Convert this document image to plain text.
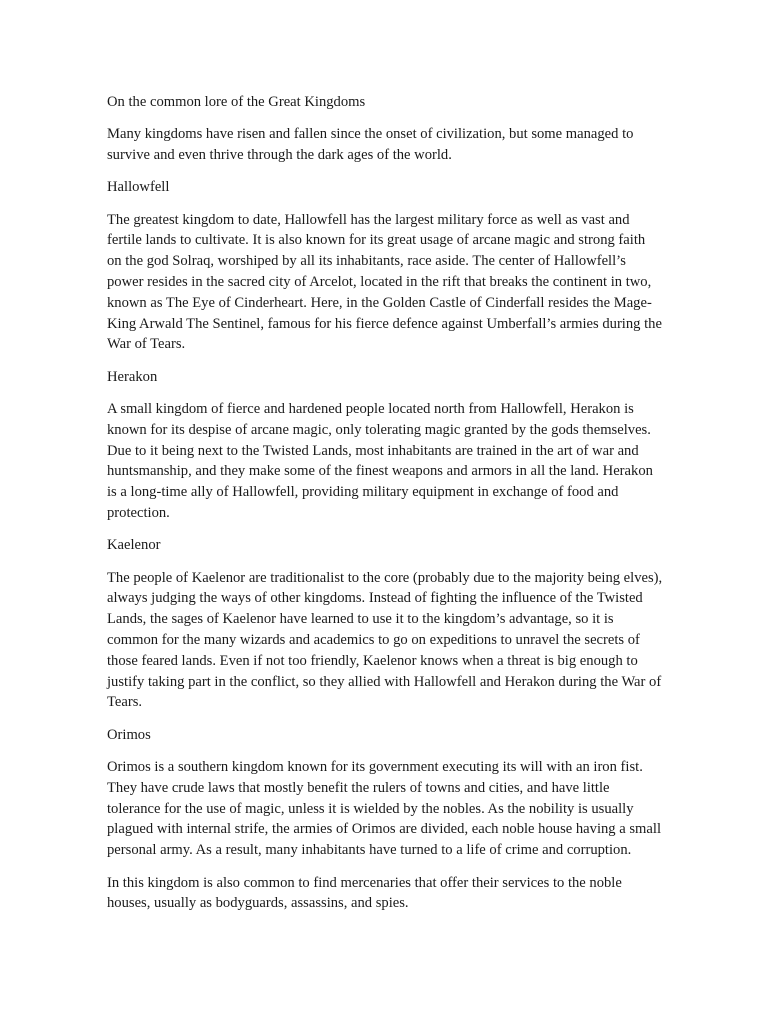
On the common lore of the Great Kingdoms

Many kingdoms have risen and fallen since the onset of civilization, but some managed to survive and even thrive through the dark ages of the world.

Hallowfell

The greatest kingdom to date, Hallowfell has the largest military force as well as vast and fertile lands to cultivate. It is also known for its great usage of arcane magic and strong faith on the god Solraq, worshiped by all its inhabitants, race aside. The center of Hallowfell’s power resides in the sacred city of Arcelot, located in the rift that breaks the continent in two, known as The Eye of Cinderheart. Here, in the Golden Castle of Cinderfall resides the Mage-King Arwald The Sentinel, famous for his fierce defence against Umberfall’s armies during the War of Tears.

Herakon

A small kingdom of fierce and hardened people located north from Hallowfell, Herakon is known for its despise of arcane magic, only tolerating magic granted by the gods themselves. Due to it being next to the Twisted Lands, most inhabitants are trained in the art of war and huntsmanship, and they make some of the finest weapons and armors in all the land. Herakon is a long-time ally of Hallowfell, providing military equipment in exchange of food and protection.

Kaelenor

The people of Kaelenor are traditionalist to the core (probably due to the majority being elves), always judging the ways of other kingdoms. Instead of fighting the influence of the Twisted Lands, the sages of Kaelenor have learned to use it to the kingdom’s advantage, so it is common for the many wizards and academics to go on expeditions to unravel the secrets of those feared lands. Even if not too friendly, Kaelenor knows when a threat is big enough to justify taking part in the conflict, so they allied with Hallowfell and Herakon during the War of Tears.

Orimos

Orimos is a southern kingdom known for its government executing its will with an iron fist. They have crude laws that mostly benefit the rulers of towns and cities, and have little tolerance for the use of magic, unless it is wielded by the nobles. As the nobility is usually plagued with internal strife, the armies of Orimos are divided, each noble house having a small personal army. As a result, many inhabitants have turned to a life of crime and corruption.

In this kingdom is also common to find mercenaries that offer their services to the noble houses, usually as bodyguards, assassins, and spies.
